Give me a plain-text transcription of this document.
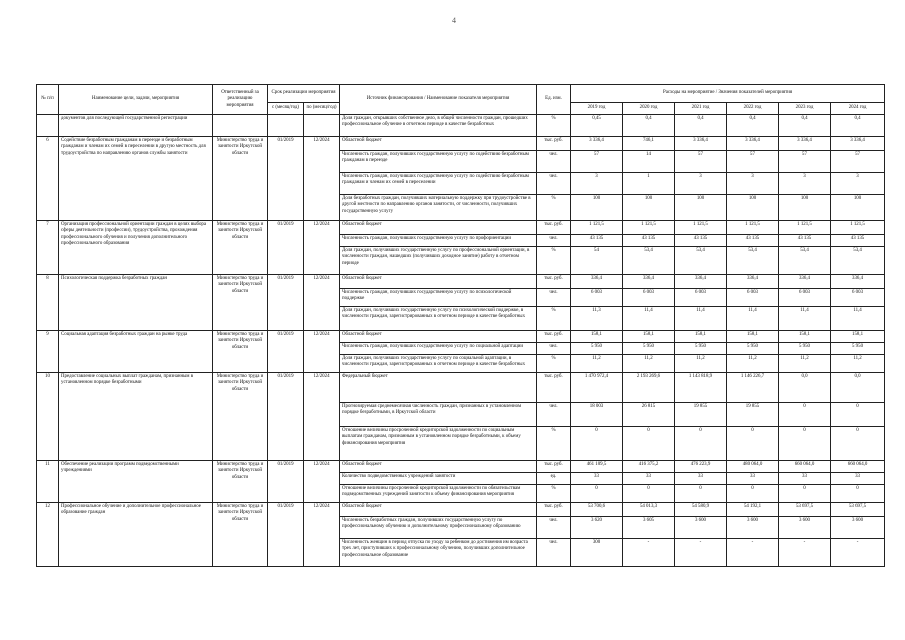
4
№ п/п	Наименование цели, задачи, мероприятия	Ответственный за реализацию мероприятия	Срок реализации мероприятия		Источник финансирования / Наименование показателя мероприятия	Ед. изм.	Расходы на мероприятие / Значения показателей мероприятия					
			с (месяц/год)	по (месяц/год)			2019 год	2020 год	2021 год	2022 год	2023 год	2024 год
	документов для последующей государственной регистрации				Доля граждан, открывших собственное дело, в общей численности граждан, прошедших профессиональное обучение в отчетном периоде в качестве безработных	%	0,45	0,4	0,4	0,4	0,4	0,4
6	Содействие безработным гражданам в переезде и безработным гражданам и членам их семей в переселении в другую местность для трудоустройства по направлению органов службы занятости	Министерство труда и занятости Иркутской области	01/2019	12/2024	Областной бюджет	тыс. руб.	3 336,4	746,1	3 336,4	3 336,4	3 336,4	3 336,4
					Численность граждан, получивших государственную услугу по содействию безработным гражданам в переезде	чел.	57	14	57	57	57	57
					Численность граждан, получивших государственную услугу по содействию безработным гражданам и членам их семей в переселении	чел.	3	1	3	3	3	3
					Доля безработных граждан, получивших материальную поддержку при трудоустройстве в другой местности по направлению органов занятости, от численности, получивших государственную услугу	%	100	100	100	100	100	100
7	Организация профессиональной ориентации граждан в целях выбора сферы деятельности (профессии), трудоустройства, прохождения профессионального обучения и получения дополнительного профессионального образования	Министерство труда и занятости Иркутской области	01/2019	12/2024	Областной бюджет	тыс. руб.	1 121,5	1 121,5	1 121,5	1 121,5	1 121,5	1 121,5
					Численность граждан, получивших государственную услугу по профориентации	чел.	43 135	43 135	43 135	43 135	43 135	43 135
					Доля граждан, получивших государственную услугу по профессиональной ориентации, в численности граждан, нашедших (получивших доходное занятие) работу в отчетном периоде	%	54	53,4	53,4	53,4	53,4	53,4
8	Психологическая поддержка безработных граждан	Министерство труда и занятости Иркутской области	01/2019	12/2024	Областной бюджет	тыс. руб.	336,4	336,4	336,4	336,4	336,4	336,4
					Численность граждан, получивших государственную услугу по психологической поддержке	чел.	6 003	6 003	6 003	6 003	6 003	6 003
					Доля граждан, получивших государственную услугу по психологической поддержке, в численности граждан, зарегистрированных в отчетном периоде в качестве безработных	%	11,3	11,4	11,4	11,4	11,4	11,4
9	Социальная адаптация безработных граждан на рынке труда	Министерство труда и занятости Иркутской области	01/2019	12/2024	Областной бюджет	тыс. руб.	158,1	158,1	158,1	158,1	158,1	158,1
					Численность граждан, получивших государственную услугу по социальной адаптации	чел.	5 950	5 950	5 950	5 950	5 950	5 950
					Доля граждан, получивших государственную услугу по социальной адаптации, в численности граждан, зарегистрированных в отчетном периоде в качестве безработных	%	11,2	11,2	11,2	11,2	11,2	11,2
10	Предоставление социальных выплат гражданам, признанным в установленном порядке безработными	Министерство труда и занятости Иркутской области	01/2019	12/2024	Федеральный бюджет	тыс. руб.	1 470 972,4	2 193 269,6	1 143 818,9	1 146 226,7	0,0	0,0
					Прогнозируемая среднемесячная численность граждан, признанных в установленном порядке безработными, в Иркутской области	чел.	18 003	26 815	19 855	19 855	0	0
					Отношение величины просроченной кредиторской задолженности по социальным выплатам гражданам, признанным в установленном порядке безработными, к объему финансирования мероприятия	%	0	0	0	0	0	0
11	Обеспечение реализации программ подведомственными учреждениями	Министерство труда и занятости Иркутской области	01/2019	12/2024	Областной бюджет	тыс. руб.	461 109,5	416 375,2	476 223,9	480 064,0	660 064,0	660 064,0
					Количество подведомственных учреждений занятости	ед.	33	33	33	33	33	33
					Отношение величины просроченной кредиторской задолженности по обязательствам подведомственных учреждений занятости к объему финансирования мероприятия	%	0	0	0	0	0	0
12	Профессиональное обучение и дополнительное профессиональное образование граждан	Министерство труда и занятости Иркутской области	01/2019	12/2024	Областной бюджет	тыс. руб.	53 700,6	54 013,3	54 580,9	54 192,1	53 697,5	53 697,5
					Численность безработных граждан, получивших государственную услугу по профессиональному обучению и дополнительному профессиональному образованию	чел.	3 620	3 605	3 600	3 600	3 600	3 600
					Численность женщин в период отпуска по уходу за ребенком до достижения им возраста трех лет, приступивших к профессиональному обучению, получивших дополнительное профессиональное образование	чел.	300	-	-	-	-	-
